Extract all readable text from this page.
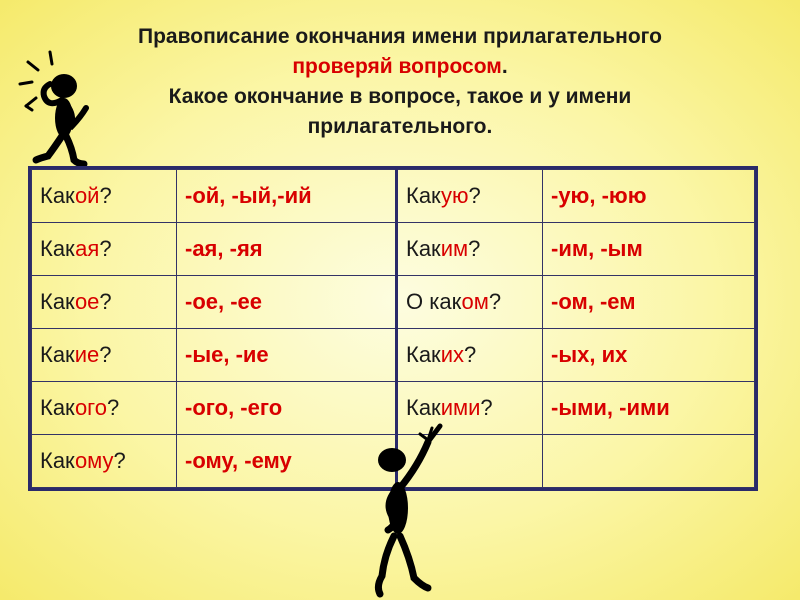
Правописание окончания имени прилагательного
проверяй вопросом.
Какое окончание в вопросе, такое и у имени
прилагательного.
Какой?	-ой, -ый,-ий	Какую?	-ую, -юю
Какая?	-ая, -яя	Каким?	-им, -ым
Какое?	-ое, -ее	О каком?	-ом, -ем
Какие?	-ые, -ие	Каких?	-ых, их
Какого?	-ого, -его	Какими?	-ыми, -ими
Какому?	-ому, -ему		
